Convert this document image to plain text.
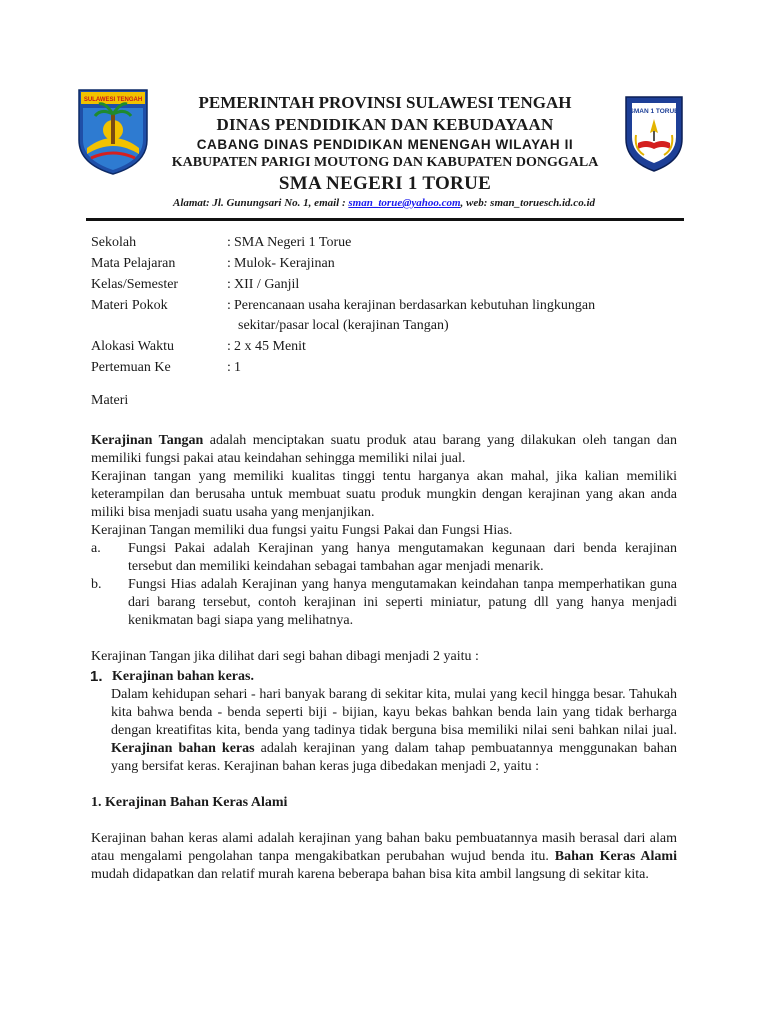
SULAWESI TENGAH	PEMERINTAH PROVINSI SULAWESI TENGAH
DINAS PENDIDIKAN DAN KEBUDAYAAN
CABANG DINAS PENDIDIKAN MENENGAH WILAYAH II
KABUPATEN PARIGI MOUTONG DAN KABUPATEN DONGGALA
SMA NEGERI 1 TORUE
SMAN 1 TORUE
Alamat: Jl. Gunungsari No. 1, email : sman_torue@yahoo.com, web: sman_toruesch.id.co.id
Sekolah	: SMA Negeri 1 Torue
Mata Pelajaran	: Mulok- Kerajinan
Kelas/Semester	: XII / Ganjil
Materi Pokok	: Perencanaan usaha kerajinan berdasarkan kebutuhan lingkungan
sekitar/pasar local (kerajinan Tangan)
Alokasi Waktu	: 2 x 45 Menit
Pertemuan Ke	: 1

Materi

Kerajinan Tangan adalah menciptakan suatu produk atau barang yang dilakukan oleh tangan dan memiliki fungsi pakai atau keindahan sehingga memiliki nilai jual.

Kerajinan tangan yang memiliki kualitas tinggi tentu harganya akan mahal, jika kalian memiliki keterampilan dan berusaha untuk membuat suatu produk mungkin dengan kerajinan yang akan anda miliki bisa menjadi suatu usaha yang menjanjikan.

Kerajinan Tangan memiliki dua fungsi yaitu Fungsi Pakai dan Fungsi Hias.

a.	Fungsi Pakai adalah Kerajinan yang hanya mengutamakan kegunaan dari benda kerajinan tersebut dan memiliki keindahan sebagai tambahan agar menjadi menarik.
b.	Fungsi Hias adalah Kerajinan yang hanya mengutamakan keindahan tanpa memperhatikan guna dari barang tersebut, contoh kerajinan ini seperti miniatur, patung dll yang hanya menjadi kenikmatan bagi siapa yang melihatnya.

Kerajinan Tangan jika dilihat dari segi bahan dibagi menjadi 2 yaitu :

1. Kerajinan bahan keras.

Dalam kehidupan sehari - hari banyak barang di sekitar kita, mulai yang kecil hingga besar. Tahukah kita bahwa benda - benda seperti biji - bijian, kayu bekas bahkan benda lain yang tidak berharga dengan kreatifitas kita, benda yang tadinya tidak berguna bisa memiliki nilai seni bahkan nilai jual. Kerajinan bahan keras adalah kerajinan yang dalam tahap pembuatannya menggunakan bahan yang bersifat keras. Kerajinan bahan keras juga dibedakan menjadi 2, yaitu :

1. Kerajinan Bahan Keras Alami

Kerajinan bahan keras alami adalah kerajinan yang bahan baku pembuatannya masih berasal dari alam atau mengalami pengolahan tanpa mengakibatkan perubahan wujud benda itu. Bahan Keras Alami mudah didapatkan dan relatif murah karena beberapa bahan bisa kita ambil langsung di sekitar kita.
